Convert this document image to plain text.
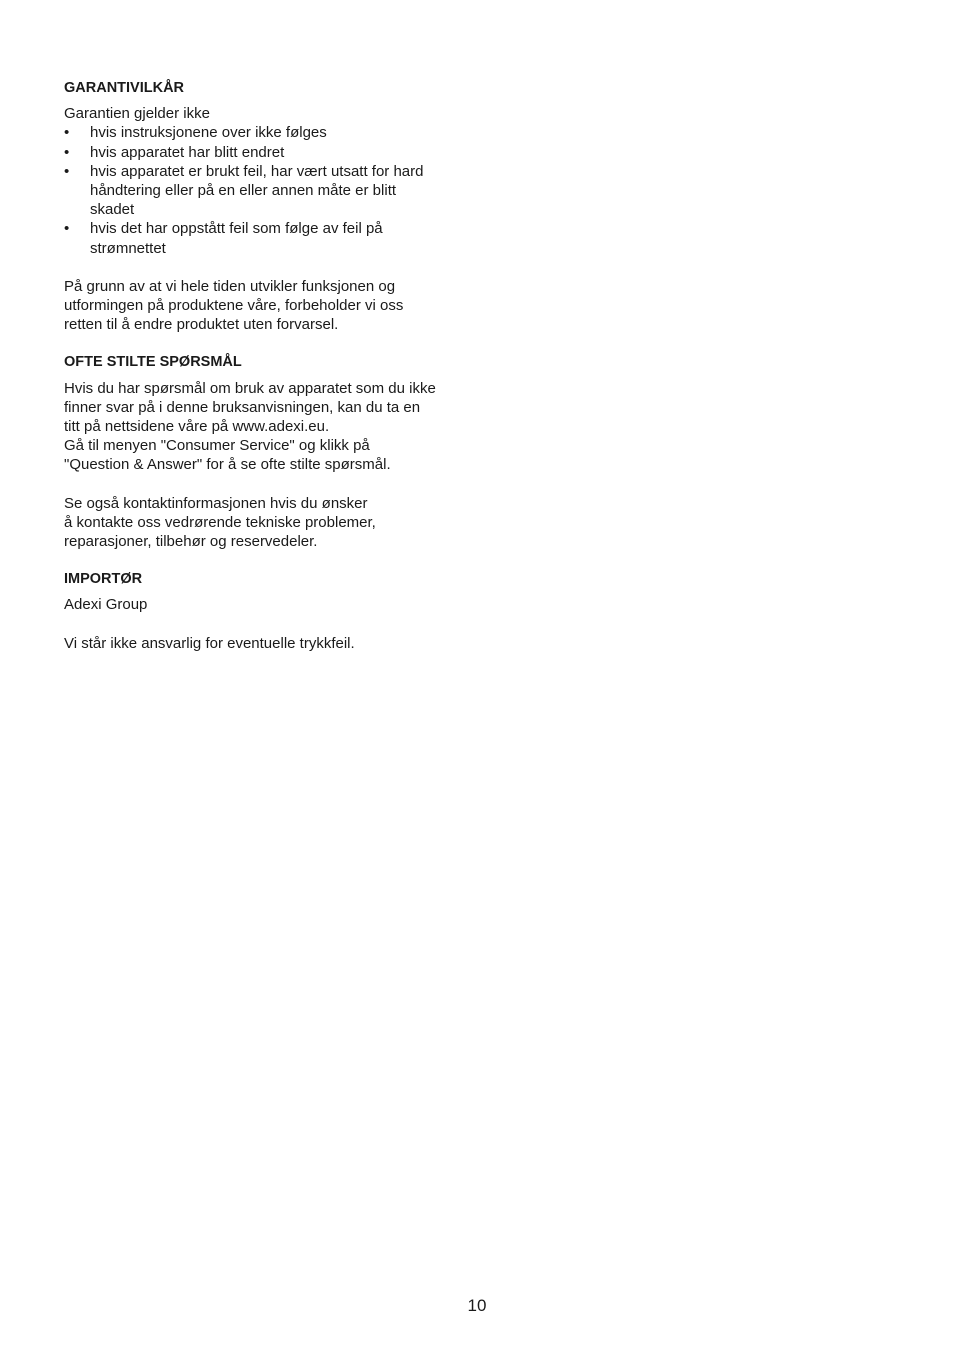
GARANTIVILKÅR

Garantien gjelder ikke

• hvis instruksjonene over ikke følges
• hvis apparatet har blitt endret
• hvis apparatet er brukt feil, har vært utsatt for hard
håndtering eller på en eller annen måte er blitt
skadet
• hvis det har oppstått feil som følge av feil på
strømnettet

På grunn av at vi hele tiden utvikler funksjonen og
utformingen på produktene våre, forbeholder vi oss
retten til å endre produktet uten forvarsel.

OFTE STILTE SPØRSMÅL

Hvis du har spørsmål om bruk av apparatet som du ikke
finner svar på i denne bruksanvisningen, kan du ta en
titt på nettsidene våre på www.adexi.eu.
Gå til menyen "Consumer Service" og klikk på
"Question & Answer" for å se ofte stilte spørsmål.

Se også kontaktinformasjonen hvis du ønsker
å kontakte oss vedrørende tekniske problemer,
reparasjoner, tilbehør og reservedeler.

IMPORTØR

Adexi Group

Vi står ikke ansvarlig for eventuelle trykkfeil.

10
